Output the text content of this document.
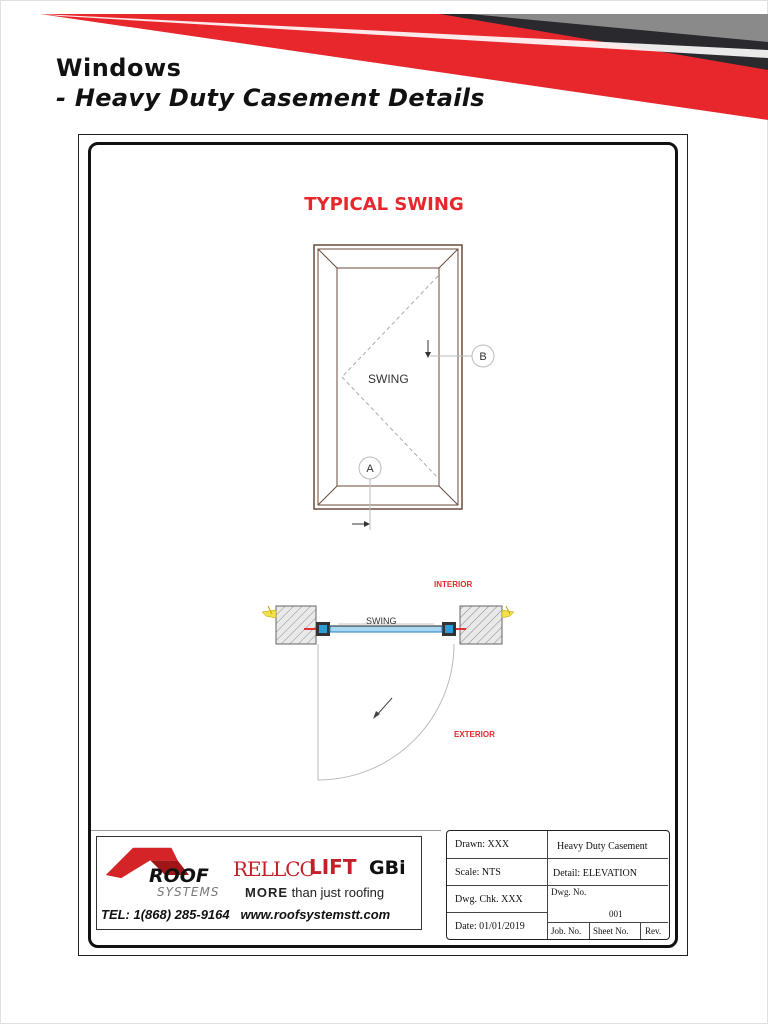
Windows
- Heavy Duty Casement Details
TYPICAL SWING
SWING
B
A
SWING
INTERIOR
EXTERIOR
ROOF
SYSTEMS
RELLCO
LIFT GBi
MORE than just roofing
TEL: 1(868) 285-9164   www.roofsystemstt.com
Drawn: XXX
Scale: NTS
Dwg. Chk. XXX
Date: 01/01/2019
Heavy Duty Casement
Detail: ELEVATION
Dwg. No.
001
Job. No. Sheet No. Rev.
